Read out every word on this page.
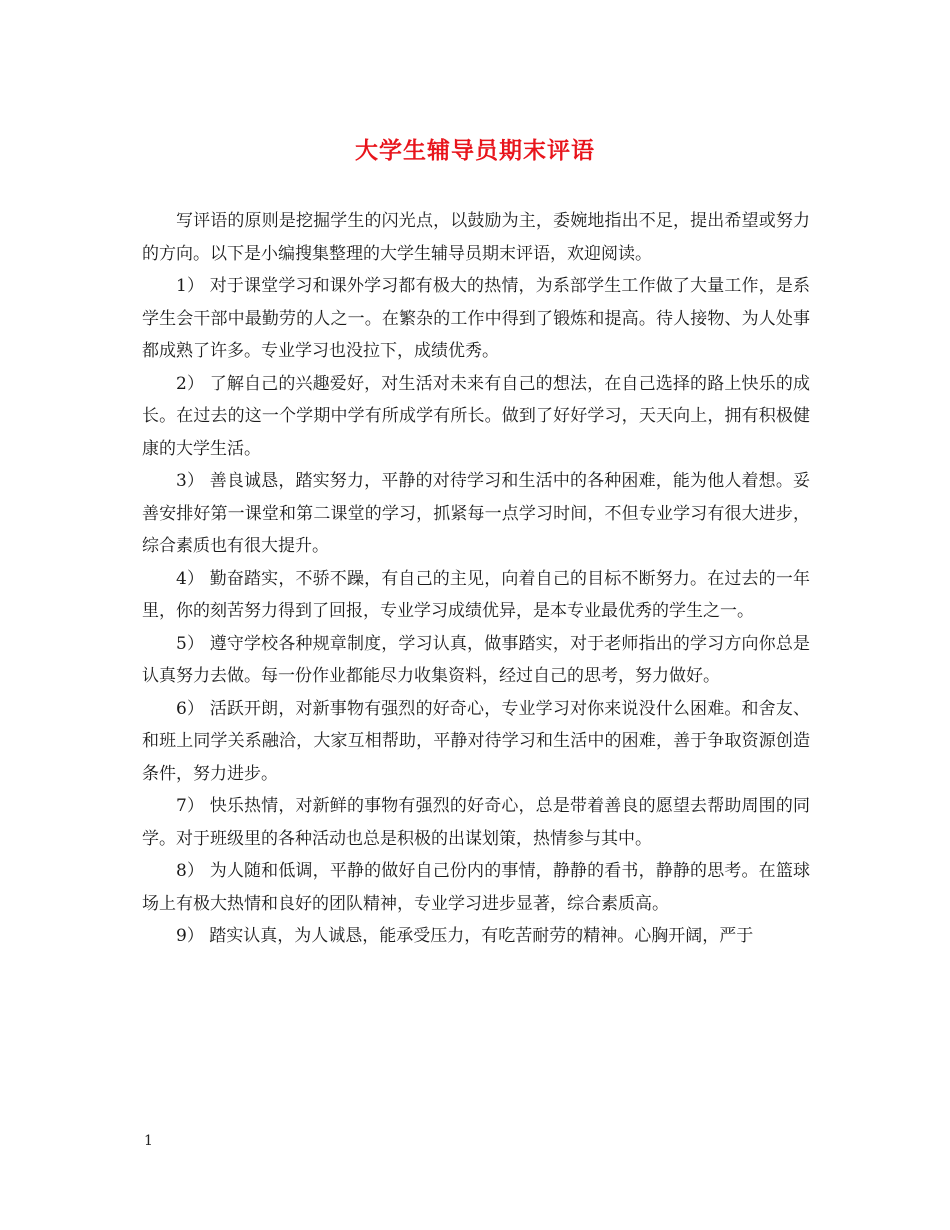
大学生辅导员期末评语

写评语的原则是挖掘学生的闪光点，以鼓励为主，委婉地指出不足，提出希望或努力的方向。以下是小编搜集整理的大学生辅导员期末评语，欢迎阅读。

1） 对于课堂学习和课外学习都有极大的热情，为系部学生工作做了大量工作，是系学生会干部中最勤劳的人之一。在繁杂的工作中得到了锻炼和提高。待人接物、为人处事都成熟了许多。专业学习也没拉下，成绩优秀。

2） 了解自己的兴趣爱好，对生活对未来有自己的想法，在自己选择的路上快乐的成长。在过去的这一个学期中学有所成学有所长。做到了好好学习，天天向上，拥有积极健康的大学生活。

3） 善良诚恳，踏实努力，平静的对待学习和生活中的各种困难，能为他人着想。妥善安排好第一课堂和第二课堂的学习，抓紧每一点学习时间，不但专业学习有很大进步，综合素质也有很大提升。

4） 勤奋踏实，不骄不躁，有自己的主见，向着自己的目标不断努力。在过去的一年里，你的刻苦努力得到了回报，专业学习成绩优异，是本专业最优秀的学生之一。

5） 遵守学校各种规章制度，学习认真，做事踏实，对于老师指出的学习方向你总是认真努力去做。每一份作业都能尽力收集资料，经过自己的思考，努力做好。

6） 活跃开朗，对新事物有强烈的好奇心，专业学习对你来说没什么困难。和舍友、和班上同学关系融洽，大家互相帮助，平静对待学习和生活中的困难，善于争取资源创造条件，努力进步。

7） 快乐热情，对新鲜的事物有强烈的好奇心，总是带着善良的愿望去帮助周围的同学。对于班级里的各种活动也总是积极的出谋划策，热情参与其中。

8） 为人随和低调，平静的做好自己份内的事情，静静的看书，静静的思考。在篮球场上有极大热情和良好的团队精神，专业学习进步显著，综合素质高。

9） 踏实认真，为人诚恳，能承受压力，有吃苦耐劳的精神。心胸开阔，严于

1
